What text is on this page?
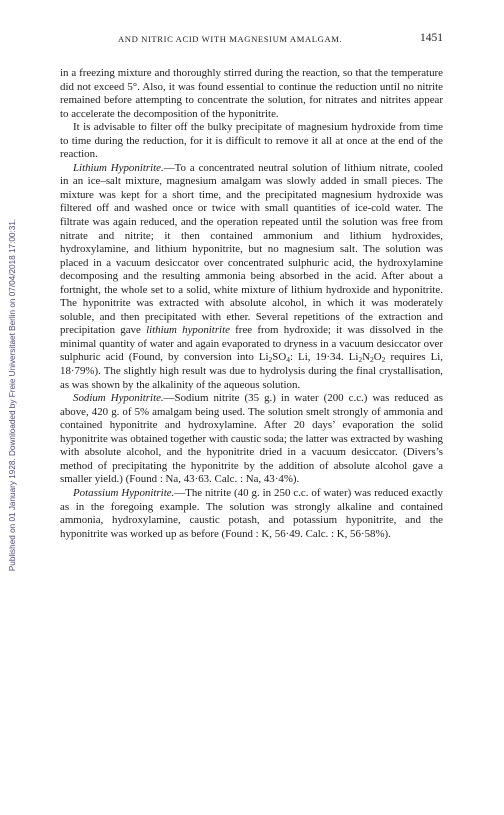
AND NITRIC ACID WITH MAGNESIUM AMALGAM.	1451
Published on 01 January 1928. Downloaded by Freie Universitaet Berlin on 07/04/2018 17:00:31.

in a freezing mixture and thoroughly stirred during the reaction, so that the temperature did not exceed 5°. Also, it was found essential to continue the reduction until no nitrite remained before attempting to concentrate the solution, for nitrates and nitrites appear to accelerate the decomposition of the hyponitrite.

It is advisable to filter off the bulky precipitate of magnesium hydroxide from time to time during the reduction, for it is difficult to remove it all at once at the end of the reaction.

Lithium Hyponitrite.—To a concentrated neutral solution of lithium nitrate, cooled in an ice–salt mixture, magnesium amalgam was slowly added in small pieces. The mixture was kept for a short time, and the precipitated magnesium hydroxide was filtered off and washed once or twice with small quantities of ice-cold water. The filtrate was again reduced, and the operation repeated until the solution was free from nitrate and nitrite; it then contained ammonium and lithium hydroxides, hydroxylamine, and lithium hyponitrite, but no magnesium salt. The solution was placed in a vacuum desiccator over concentrated sulphuric acid, the hydroxylamine decomposing and the resulting ammonia being absorbed in the acid. After about a fortnight, the whole set to a solid, white mixture of lithium hydroxide and hyponitrite. The hyponitrite was extracted with absolute alcohol, in which it was moderately soluble, and then precipitated with ether. Several repetitions of the extraction and precipitation gave lithium hyponitrite free from hydroxide; it was dissolved in the minimal quantity of water and again evaporated to dryness in a vacuum desiccator over sulphuric acid (Found, by conversion into $Li_2SO_4$: Li, 19·34. $Li_2N_2O_2$ requires Li, 18·79%). The slightly high result was due to hydrolysis during the final crystallisation, as was shown by the alkalinity of the aqueous solution.

Sodium Hyponitrite.—Sodium nitrite (35 g.) in water (200 c.c.) was reduced as above, 420 g. of 5% amalgam being used. The solution smelt strongly of ammonia and contained hyponitrite and hydroxylamine. After 20 days’ evaporation the solid hyponitrite was obtained together with caustic soda; the latter was extracted by washing with absolute alcohol, and the hyponitrite dried in a vacuum desiccator. (Divers’s method of precipitating the hyponitrite by the addition of absolute alcohol gave a smaller yield.) (Found : Na, 43·63. Calc. : Na, 43·4%).

Potassium Hyponitrite.—The nitrite (40 g. in 250 c.c. of water) was reduced exactly as in the foregoing example. The solution was strongly alkaline and contained ammonia, hydroxylamine, caustic potash, and potassium hyponitrite, and the hyponitrite was worked up as before (Found : K, 56·49. Calc. : K, 56·58%).
